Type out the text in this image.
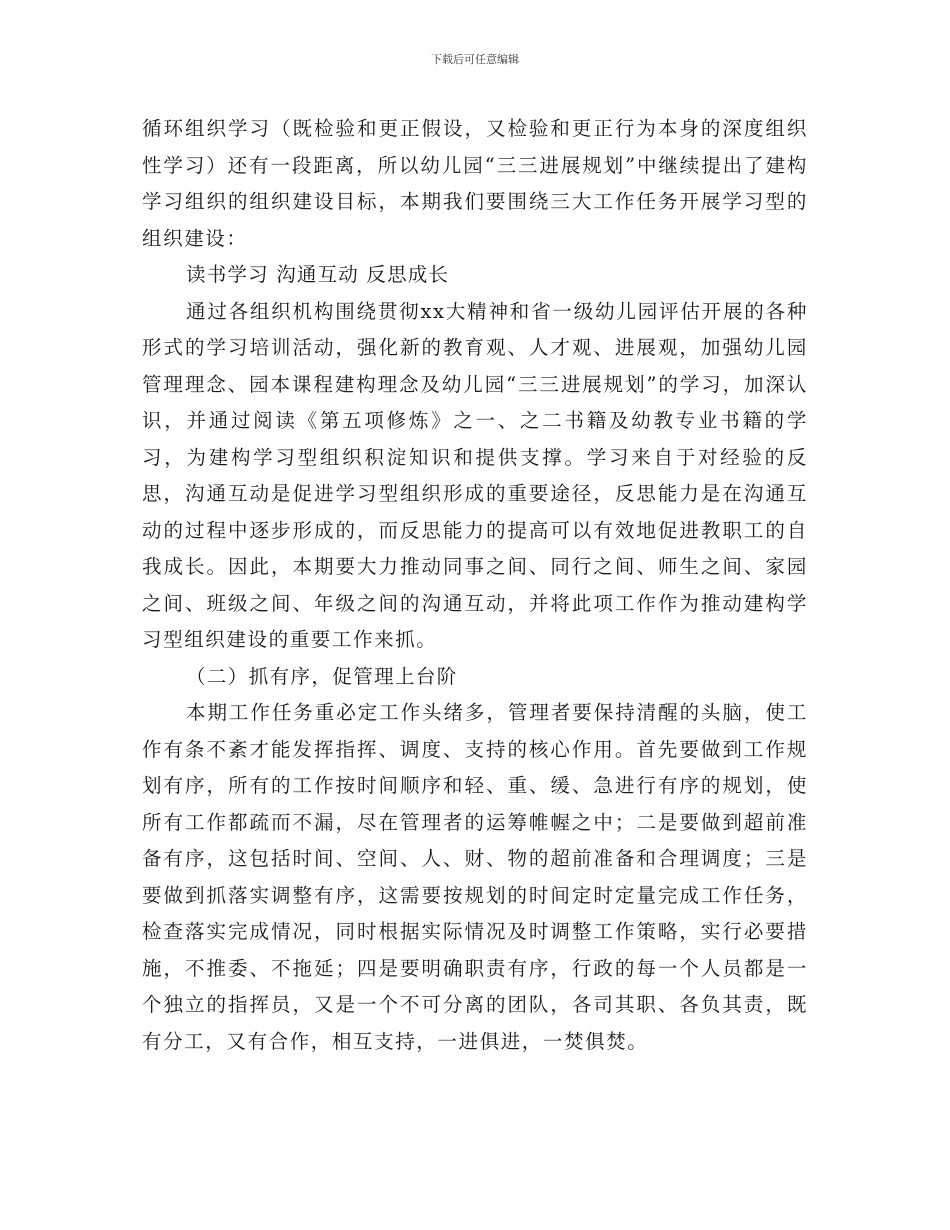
下载后可任意编辑

循环组织学习（既检验和更正假设，又检验和更正行为本身的深度组织性学习）还有一段距离，所以幼儿园“三三进展规划”中继续提出了建构学习组织的组织建设目标，本期我们要围绕三大工作任务开展学习型的组织建设：

读书学习 沟通互动 反思成长

通过各组织机构围绕贯彻xx大精神和省一级幼儿园评估开展的各种形式的学习培训活动，强化新的教育观、人才观、进展观，加强幼儿园管理理念、园本课程建构理念及幼儿园“三三进展规划”的学习，加深认识，并通过阅读《第五项修炼》之一、之二书籍及幼教专业书籍的学习，为建构学习型组织积淀知识和提供支撑。学习来自于对经验的反思，沟通互动是促进学习型组织形成的重要途径，反思能力是在沟通互动的过程中逐步形成的，而反思能力的提高可以有效地促进教职工的自我成长。因此，本期要大力推动同事之间、同行之间、师生之间、家园之间、班级之间、年级之间的沟通互动，并将此项工作作为推动建构学习型组织建设的重要工作来抓。

（二）抓有序，促管理上台阶

本期工作任务重必定工作头绪多，管理者要保持清醒的头脑，使工作有条不紊才能发挥指挥、调度、支持的核心作用。首先要做到工作规划有序，所有的工作按时间顺序和轻、重、缓、急进行有序的规划，使所有工作都疏而不漏，尽在管理者的运筹帷幄之中；二是要做到超前准备有序，这包括时间、空间、人、财、物的超前准备和合理调度；三是要做到抓落实调整有序，这需要按规划的时间定时定量完成工作任务，检查落实完成情况，同时根据实际情况及时调整工作策略，实行必要措施，不推委、不拖延；四是要明确职责有序，行政的每一个人员都是一个独立的指挥员，又是一个不可分离的团队，各司其职、各负其责，既有分工，又有合作，相互支持，一进俱进，一焚俱焚。
